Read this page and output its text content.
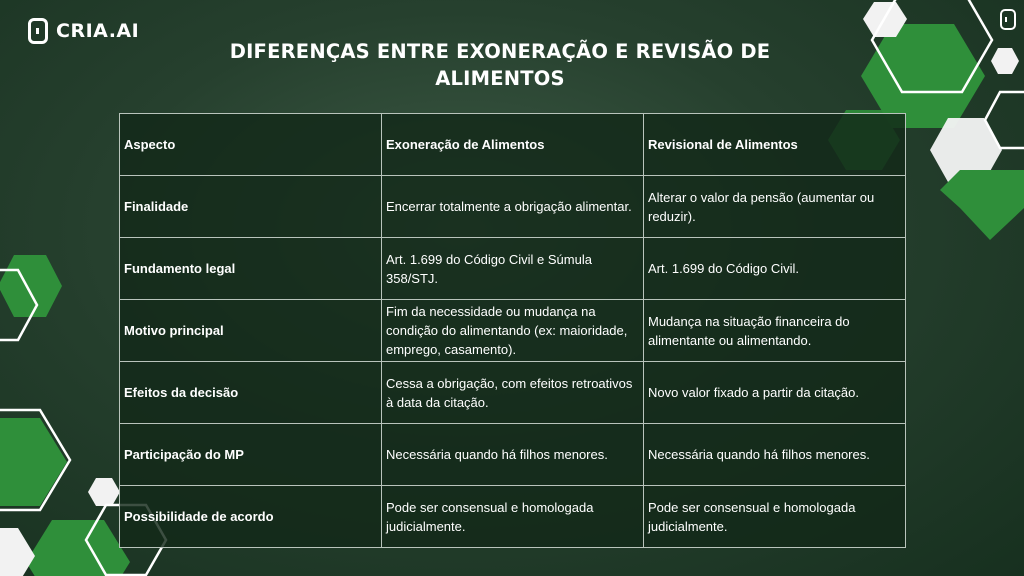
CRIA.AI
DIFERENÇAS ENTRE EXONERAÇÃO E REVISÃO DE
ALIMENTOS
Aspecto	Exoneração de Alimentos	Revisional de Alimentos
Finalidade	Encerrar totalmente a obrigação alimentar.	Alterar o valor da pensão (aumentar ou reduzir).
Fundamento legal	Art. 1.699 do Código Civil e Súmula 358/STJ.	Art. 1.699 do Código Civil.
Motivo principal	Fim da necessidade ou mudança na condição do alimentando (ex: maioridade, emprego, casamento).	Mudança na situação financeira do alimentante ou alimentando.
Efeitos da decisão	Cessa a obrigação, com efeitos retroativos à data da citação.	Novo valor fixado a partir da citação.
Participação do MP	Necessária quando há filhos menores.	Necessária quando há filhos menores.
Possibilidade de acordo	Pode ser consensual e homologada judicialmente.	Pode ser consensual e homologada judicialmente.
